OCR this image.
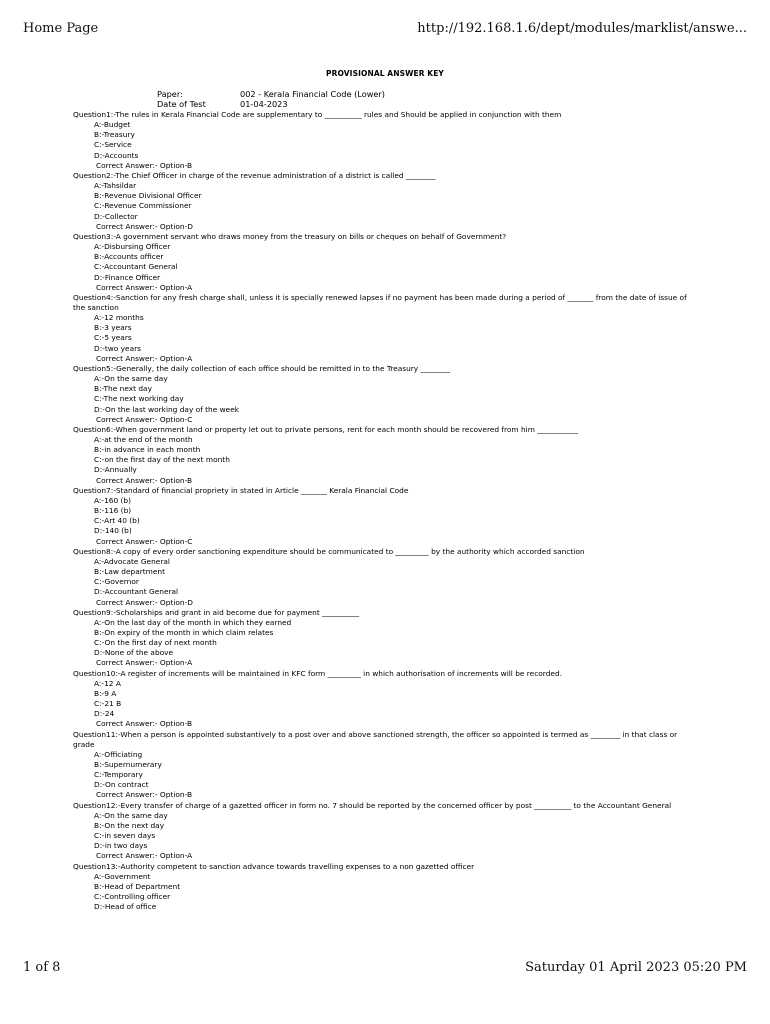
Home Page	http://192.168.1.6/dept/modules/marklist/answe...
PROVISIONAL ANSWER KEY
Paper:	002 - Kerala Financial Code (Lower)
Date of Test	01-04-2023
Question1:-The rules in Kerala Financial Code are supplementary to __________ rules and Should be applied in conjunction with them
A:-Budget
B:-Treasury
C:-Service
D:-Accounts
Correct Answer:- Option-B
Question2:-The Chief Officer in charge of the revenue administration of a district is called ________
A:-Tahsildar
B:-Revenue Divisional Officer
C:-Revenue Commissioner
D:-Collector
Correct Answer:- Option-D
Question3:-A government servant who draws money from the treasury on bills or cheques on behalf of Government?
A:-Disbursing Officer
B:-Accounts officer
C:-Accountant General
D:-Finance Officer
Correct Answer:- Option-A
Question4:-Sanction for any fresh charge shall, unless it is specially renewed lapses if no payment has been made during a period of _______ from the date of issue of the sanction
A:-12 months
B:-3 years
C:-5 years
D:-two years
Correct Answer:- Option-A
Question5:-Generally, the daily collection of each office should be remitted in to the Treasury ________
A:-On the same day
B:-The next day
C:-The next working day
D:-On the last working day of the week
Correct Answer:- Option-C
Question6:-When government land or property let out to private persons, rent for each month should be recovered from him ___________
A:-at the end of the month
B:-in advance in each month
C:-on the first day of the next month
D:-Annually
Correct Answer:- Option-B
Question7:-Standard of financial propriety in stated in Article _______ Kerala Financial Code
A:-160 (b)
B:-116 (b)
C:-Art 40 (b)
D:-140 (b)
Correct Answer:- Option-C
Question8:-A copy of every order sanctioning expenditure should be communicated to _________ by the authority which accorded sanction
A:-Advocate General
B:-Law department
C:-Governor
D:-Accountant General
Correct Answer:- Option-D
Question9:-Scholarships and grant in aid become due for payment __________
A:-On the last day of the month in which they earned
B:-On expiry of the month in which claim relates
C:-On the first day of next month
D:-None of the above
Correct Answer:- Option-A
Question10:-A register of increments will be maintained in KFC form _________ in which authorisation of increments will be recorded.
A:-12 A
B:-9 A
C:-21 B
D:-24
Correct Answer:- Option-B
Question11:-When a person is appointed substantively to a post over and above sanctioned strength, the officer so appointed is termed as ________ in that class or grade
A:-Officiating
B:-Supernumerary
C:-Temporary
D:-On contract
Correct Answer:- Option-B
Question12:-Every transfer of charge of a gazetted officer in form no. 7 should be reported by the concerned officer by post __________ to the Accountant General
A:-On the same day
B:-On the next day
C:-in seven days
D:-in two days
Correct Answer:- Option-A
Question13:-Authority competent to sanction advance towards travelling expenses to a non gazetted officer
A:-Government
B:-Head of Department
C:-Controlling officer
D:-Head of office
1 of 8	Saturday 01 April 2023 05:20 PM
